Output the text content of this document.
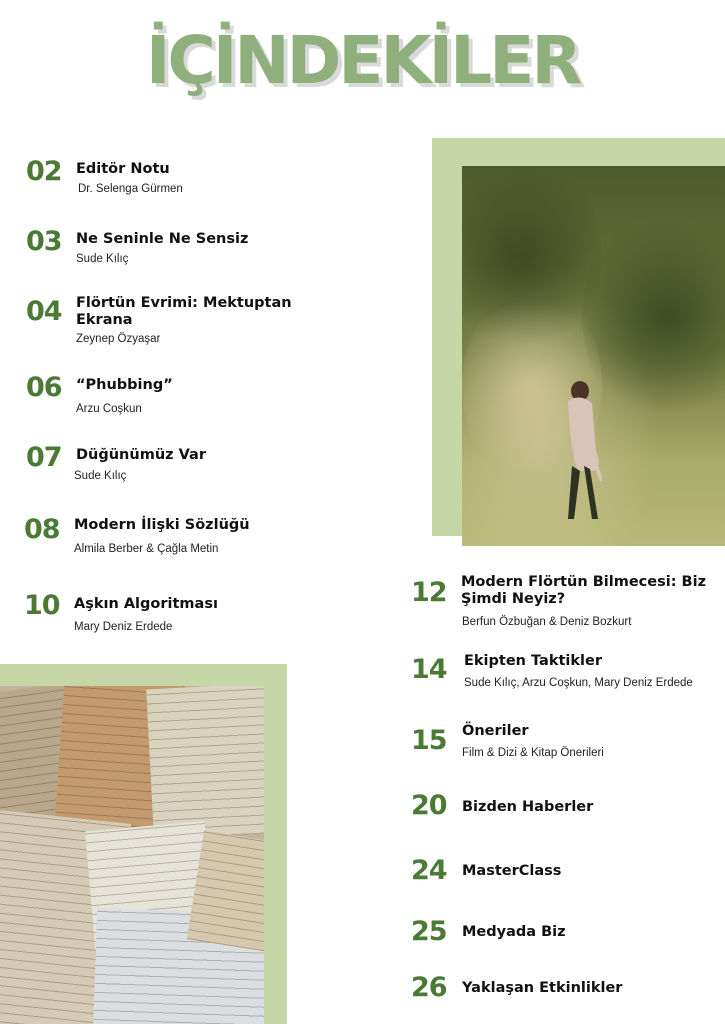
İÇİNDEKİLER
02 Editör Notu
Dr. Selenga Gürmen
03 Ne Seninle Ne Sensiz
Sude Kılıç
04 Flörtün Evrimi: Mektuptan Ekrana
Zeynep Özyaşar
06 “Phubbing”
Arzu Coşkun
07 Düğünümüz Var
Sude Kılıç
08 Modern İlişki Sözlüğü
Almila Berber & Çağla Metin
10 Aşkın Algoritması
Mary Deniz Erdede
12 Modern Flörtün Bilmecesi: Biz Şimdi Neyiz?
Berfun Özbuğan & Deniz Bozkurt
14 Ekipten Taktikler
Sude Kılıç, Arzu Coşkun, Mary Deniz Erdede
15 Öneriler
Film & Dizi & Kitap Önerileri
20 Bizden Haberler
24 MasterClass
25 Medyada Biz
26 Yaklaşan Etkinlikler
